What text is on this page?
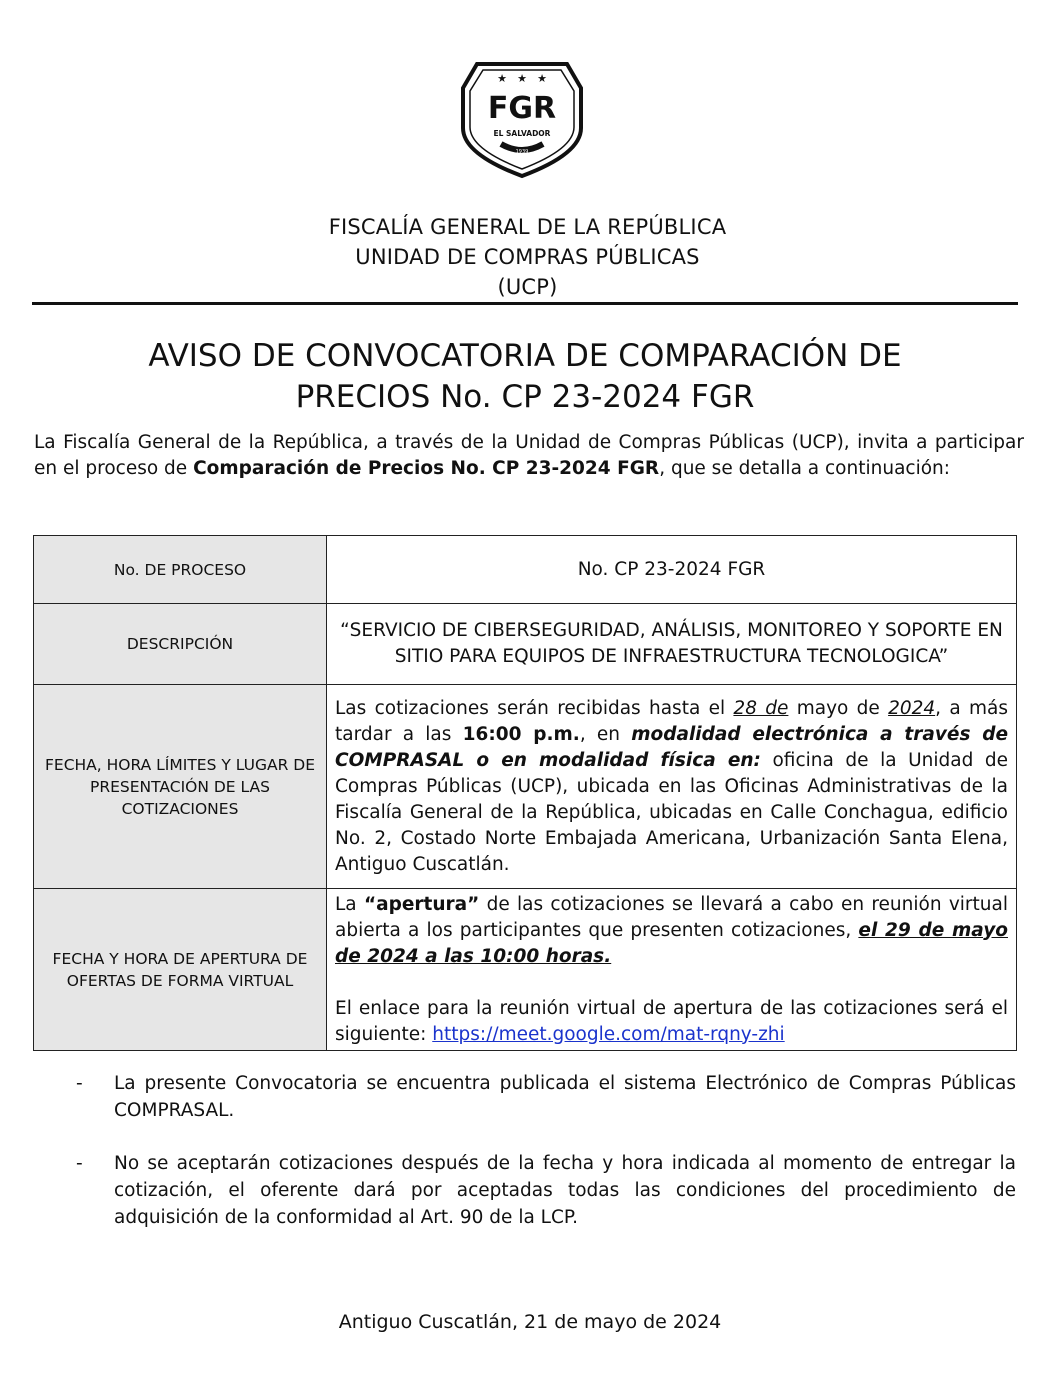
★ ★ ★
FGR
EL SALVADOR
1939
FISCALÍA GENERAL DE LA REPÚBLICA
UNIDAD DE COMPRAS PÚBLICAS
(UCP)
AVISO DE CONVOCATORIA DE COMPARACIÓN DE
PRECIOS No. CP 23-2024 FGR
La Fiscalía General de la República, a través de la Unidad de Compras Públicas (UCP), invita a participar en el proceso de Comparación de Precios No. CP 23-2024 FGR, que se detalla a continuación:
No. DE PROCESO	No. CP 23-2024 FGR
DESCRIPCIÓN	“SERVICIO DE CIBERSEGURIDAD, ANÁLISIS, MONITOREO Y SOPORTE EN SITIO PARA EQUIPOS DE INFRAESTRUCTURA TECNOLOGICA”
FECHA, HORA LÍMITES Y LUGAR DE PRESENTACIÓN DE LAS COTIZACIONES	Las cotizaciones serán recibidas hasta el 28 de mayo de 2024, a más tardar a las 16:00 p.m., en modalidad electrónica a través de COMPRASAL o en modalidad física en: oficina de la Unidad de Compras Públicas (UCP), ubicada en las Oficinas Administrativas de la Fiscalía General de la República, ubicadas en Calle Conchagua, edificio No. 2, Costado Norte Embajada Americana, Urbanización Santa Elena, Antiguo Cuscatlán.
FECHA Y HORA DE APERTURA DE OFERTAS DE FORMA VIRTUAL	La “apertura” de las cotizaciones se llevará a cabo en reunión virtual abierta a los participantes que presenten cotizaciones, el 29 de mayo de 2024 a las 10:00 horas.
El enlace para la reunión virtual de apertura de las cotizaciones será el siguiente: https://meet.google.com/mat-rqny-zhi
-	La presente Convocatoria se encuentra publicada el sistema Electrónico de Compras Públicas COMPRASAL.
-	No se aceptarán cotizaciones después de la fecha y hora indicada al momento de entregar la cotización, el oferente dará por aceptadas todas las condiciones del procedimiento de adquisición de la conformidad al Art. 90 de la LCP.
Antiguo Cuscatlán, 21 de mayo de 2024
